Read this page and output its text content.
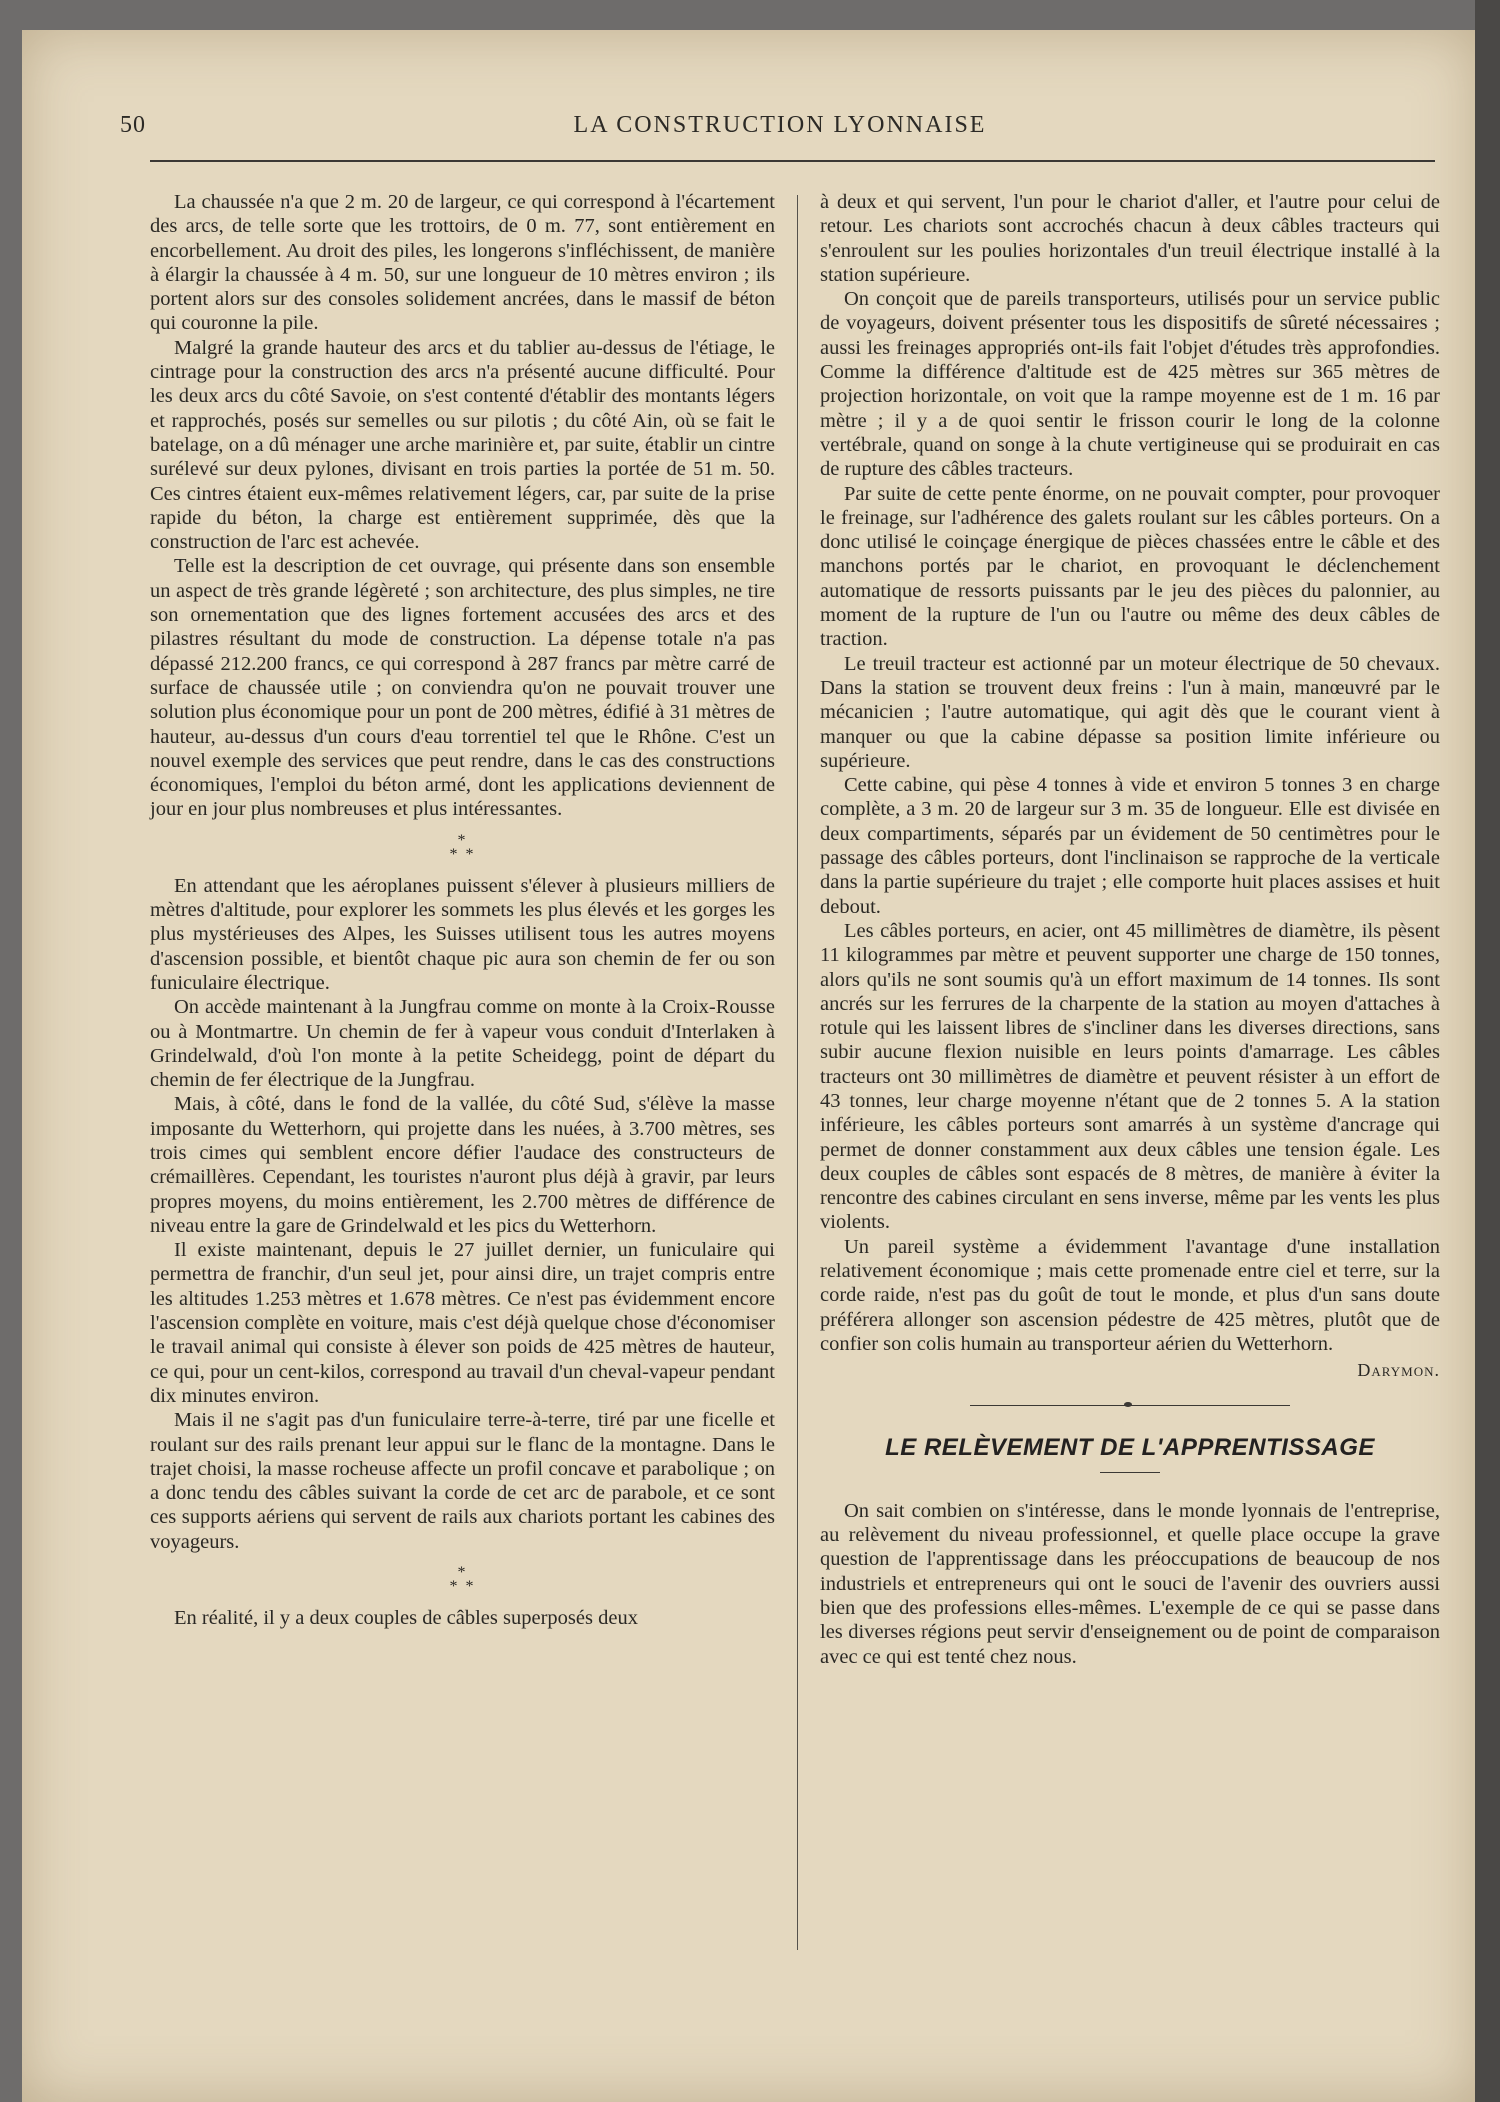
50	LA CONSTRUCTION LYONNAISE

La chaussée n'a que 2 m. 20 de largeur, ce qui correspond à l'écartement des arcs, de telle sorte que les trottoirs, de 0 m. 77, sont entièrement en encorbellement. Au droit des piles, les longerons s'infléchissent, de manière à élargir la chaussée à 4 m. 50, sur une longueur de 10 mètres environ ; ils portent alors sur des consoles solidement ancrées, dans le massif de béton qui couronne la pile.

Malgré la grande hauteur des arcs et du tablier au-dessus de l'étiage, le cintrage pour la construction des arcs n'a présenté aucune difficulté. Pour les deux arcs du côté Savoie, on s'est contenté d'établir des montants légers et rapprochés, posés sur semelles ou sur pilotis ; du côté Ain, où se fait le batelage, on a dû ménager une arche marinière et, par suite, établir un cintre surélevé sur deux pylones, divisant en trois parties la portée de 51 m. 50. Ces cintres étaient eux-mêmes relativement légers, car, par suite de la prise rapide du béton, la charge est entièrement supprimée, dès que la construction de l'arc est achevée.

Telle est la description de cet ouvrage, qui présente dans son ensemble un aspect de très grande légèreté ; son architecture, des plus simples, ne tire son ornementation que des lignes fortement accusées des arcs et des pilastres résultant du mode de construction. La dépense totale n'a pas dépassé 212.200 francs, ce qui correspond à 287 francs par mètre carré de surface de chaussée utile ; on conviendra qu'on ne pouvait trouver une solution plus économique pour un pont de 200 mètres, édifié à 31 mètres de hauteur, au-dessus d'un cours d'eau torrentiel tel que le Rhône. C'est un nouvel exemple des services que peut rendre, dans le cas des constructions économiques, l'emploi du béton armé, dont les applications deviennent de jour en jour plus nombreuses et plus intéressantes.

*
* *

En attendant que les aéroplanes puissent s'élever à plusieurs milliers de mètres d'altitude, pour explorer les sommets les plus élevés et les gorges les plus mystérieuses des Alpes, les Suisses utilisent tous les autres moyens d'ascension possible, et bientôt chaque pic aura son chemin de fer ou son funiculaire électrique.

On accède maintenant à la Jungfrau comme on monte à la Croix-Rousse ou à Montmartre. Un chemin de fer à vapeur vous conduit d'Interlaken à Grindelwald, d'où l'on monte à la petite Scheidegg, point de départ du chemin de fer électrique de la Jungfrau.

Mais, à côté, dans le fond de la vallée, du côté Sud, s'élève la masse imposante du Wetterhorn, qui projette dans les nuées, à 3.700 mètres, ses trois cimes qui semblent encore défier l'audace des constructeurs de crémaillères. Cependant, les touristes n'auront plus déjà à gravir, par leurs propres moyens, du moins entièrement, les 2.700 mètres de différence de niveau entre la gare de Grindelwald et les pics du Wetterhorn.

Il existe maintenant, depuis le 27 juillet dernier, un funiculaire qui permettra de franchir, d'un seul jet, pour ainsi dire, un trajet compris entre les altitudes 1.253 mètres et 1.678 mètres. Ce n'est pas évidemment encore l'ascension complète en voiture, mais c'est déjà quelque chose d'économiser le travail animal qui consiste à élever son poids de 425 mètres de hauteur, ce qui, pour un cent-kilos, correspond au travail d'un cheval-vapeur pendant dix minutes environ.

Mais il ne s'agit pas d'un funiculaire terre-à-terre, tiré par une ficelle et roulant sur des rails prenant leur appui sur le flanc de la montagne. Dans le trajet choisi, la masse rocheuse affecte un profil concave et parabolique ; on a donc tendu des câbles suivant la corde de cet arc de parabole, et ce sont ces supports aériens qui servent de rails aux chariots portant les cabines des voyageurs.

*
* *

En réalité, il y a deux couples de câbles superposés deux

à deux et qui servent, l'un pour le chariot d'aller, et l'autre pour celui de retour. Les chariots sont accrochés chacun à deux câbles tracteurs qui s'enroulent sur les poulies horizontales d'un treuil électrique installé à la station supérieure.

On conçoit que de pareils transporteurs, utilisés pour un service public de voyageurs, doivent présenter tous les dispositifs de sûreté nécessaires ; aussi les freinages appropriés ont-ils fait l'objet d'études très approfondies. Comme la différence d'altitude est de 425 mètres sur 365 mètres de projection horizontale, on voit que la rampe moyenne est de 1 m. 16 par mètre ; il y a de quoi sentir le frisson courir le long de la colonne vertébrale, quand on songe à la chute vertigineuse qui se produirait en cas de rupture des câbles tracteurs.

Par suite de cette pente énorme, on ne pouvait compter, pour provoquer le freinage, sur l'adhérence des galets roulant sur les câbles porteurs. On a donc utilisé le coinçage énergique de pièces chassées entre le câble et des manchons portés par le chariot, en provoquant le déclenchement automatique de ressorts puissants par le jeu des pièces du palonnier, au moment de la rupture de l'un ou l'autre ou même des deux câbles de traction.

Le treuil tracteur est actionné par un moteur électrique de 50 chevaux. Dans la station se trouvent deux freins : l'un à main, manœuvré par le mécanicien ; l'autre automatique, qui agit dès que le courant vient à manquer ou que la cabine dépasse sa position limite inférieure ou supérieure.

Cette cabine, qui pèse 4 tonnes à vide et environ 5 tonnes 3 en charge complète, a 3 m. 20 de largeur sur 3 m. 35 de longueur. Elle est divisée en deux compartiments, séparés par un évidement de 50 centimètres pour le passage des câbles porteurs, dont l'inclinaison se rapproche de la verticale dans la partie supérieure du trajet ; elle comporte huit places assises et huit debout.

Les câbles porteurs, en acier, ont 45 millimètres de diamètre, ils pèsent 11 kilogrammes par mètre et peuvent supporter une charge de 150 tonnes, alors qu'ils ne sont soumis qu'à un effort maximum de 14 tonnes. Ils sont ancrés sur les ferrures de la charpente de la station au moyen d'attaches à rotule qui les laissent libres de s'incliner dans les diverses directions, sans subir aucune flexion nuisible en leurs points d'amarrage. Les câbles tracteurs ont 30 millimètres de diamètre et peuvent résister à un effort de 43 tonnes, leur charge moyenne n'étant que de 2 tonnes 5. A la station inférieure, les câbles porteurs sont amarrés à un système d'ancrage qui permet de donner constamment aux deux câbles une tension égale. Les deux couples de câbles sont espacés de 8 mètres, de manière à éviter la rencontre des cabines circulant en sens inverse, même par les vents les plus violents.

Un pareil système a évidemment l'avantage d'une installation relativement économique ; mais cette promenade entre ciel et terre, sur la corde raide, n'est pas du goût de tout le monde, et plus d'un sans doute préférera allonger son ascension pédestre de 425 mètres, plutôt que de confier son colis humain au transporteur aérien du Wetterhorn.

Darymon.
LE RELÈVEMENT DE L'APPRENTISSAGE

On sait combien on s'intéresse, dans le monde lyonnais de l'entreprise, au relèvement du niveau professionnel, et quelle place occupe la grave question de l'apprentissage dans les préoccupations de beaucoup de nos industriels et entrepreneurs qui ont le souci de l'avenir des ouvriers aussi bien que des professions elles-mêmes. L'exemple de ce qui se passe dans les diverses régions peut servir d'enseignement ou de point de comparaison avec ce qui est tenté chez nous.
